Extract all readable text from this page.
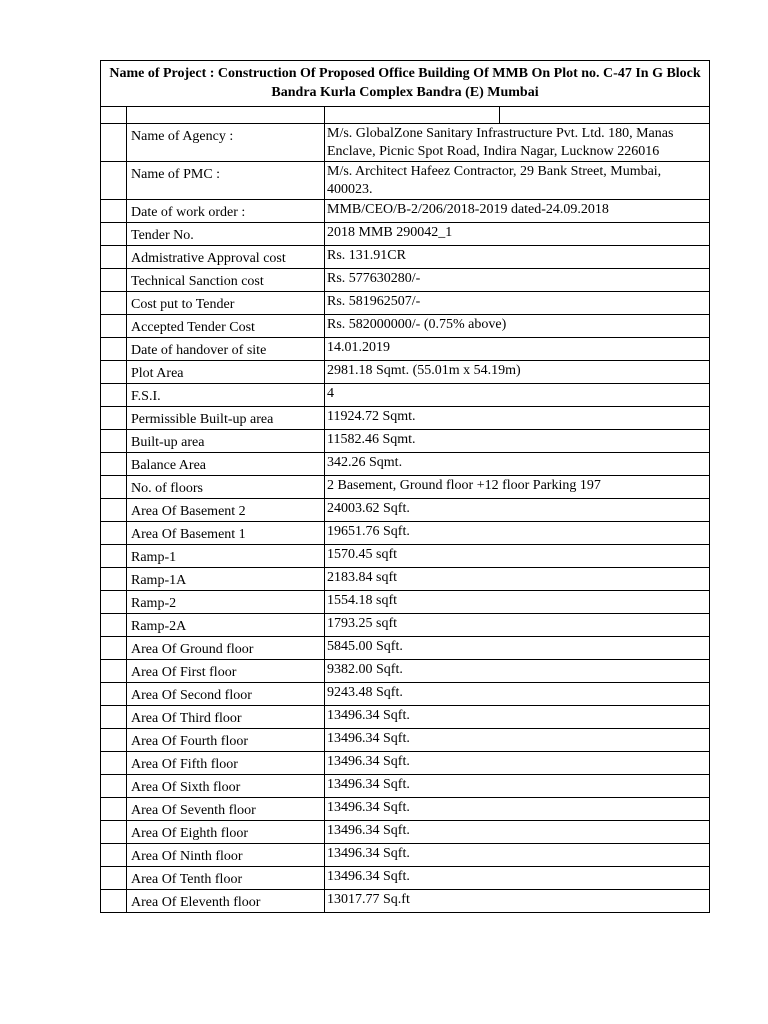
Name of Project : Construction Of Proposed Office Building Of MMB On Plot no. C-47 In G Block
Bandra Kurla Complex Bandra (E) Mumbai			

	Name of Agency :	M/s. GlobalZone Sanitary Infrastructure Pvt. Ltd. 180, Manas Enclave, Picnic Spot Road, Indira Nagar, Lucknow 226016	
	Name of PMC :	M/s. Architect Hafeez Contractor, 29 Bank Street, Mumbai, 400023.	
	Date of work order :	MMB/CEO/B-2/206/2018-2019 dated-24.09.2018	
	Tender No.	2018 MMB 290042_1	
	Admistrative Approval cost	Rs. 131.91CR	
	Technical Sanction cost	Rs. 577630280/-	
	Cost put to Tender	Rs. 581962507/-	
	Accepted Tender Cost	Rs. 582000000/- (0.75% above)	
	Date of handover of site	14.01.2019	
	Plot Area	2981.18 Sqmt. (55.01m x 54.19m)	
	F.S.I.	4	
	Permissible Built-up area	11924.72 Sqmt.	
	Built-up area	11582.46 Sqmt.	
	Balance Area	342.26 Sqmt.	
	No. of floors	2 Basement, Ground floor +12 floor Parking 197	
	Area Of Basement 2	24003.62 Sqft.	
	Area Of Basement 1	19651.76 Sqft.	
	Ramp-1	1570.45 sqft	
	Ramp-1A	2183.84 sqft	
	Ramp-2	1554.18 sqft	
	Ramp-2A	1793.25 sqft	
	Area Of Ground floor	5845.00 Sqft.	
	Area Of First floor	9382.00 Sqft.	
	Area Of Second floor	9243.48 Sqft.	
	Area Of Third floor	13496.34 Sqft.	
	Area Of Fourth floor	13496.34 Sqft.	
	Area Of Fifth floor	13496.34 Sqft.	
	Area Of Sixth floor	13496.34 Sqft.	
	Area Of Seventh floor	13496.34 Sqft.	
	Area Of Eighth floor	13496.34 Sqft.	
	Area Of Ninth floor	13496.34 Sqft.	
	Area Of Tenth floor	13496.34 Sqft.	
	Area Of Eleventh floor	13017.77 Sq.ft	
